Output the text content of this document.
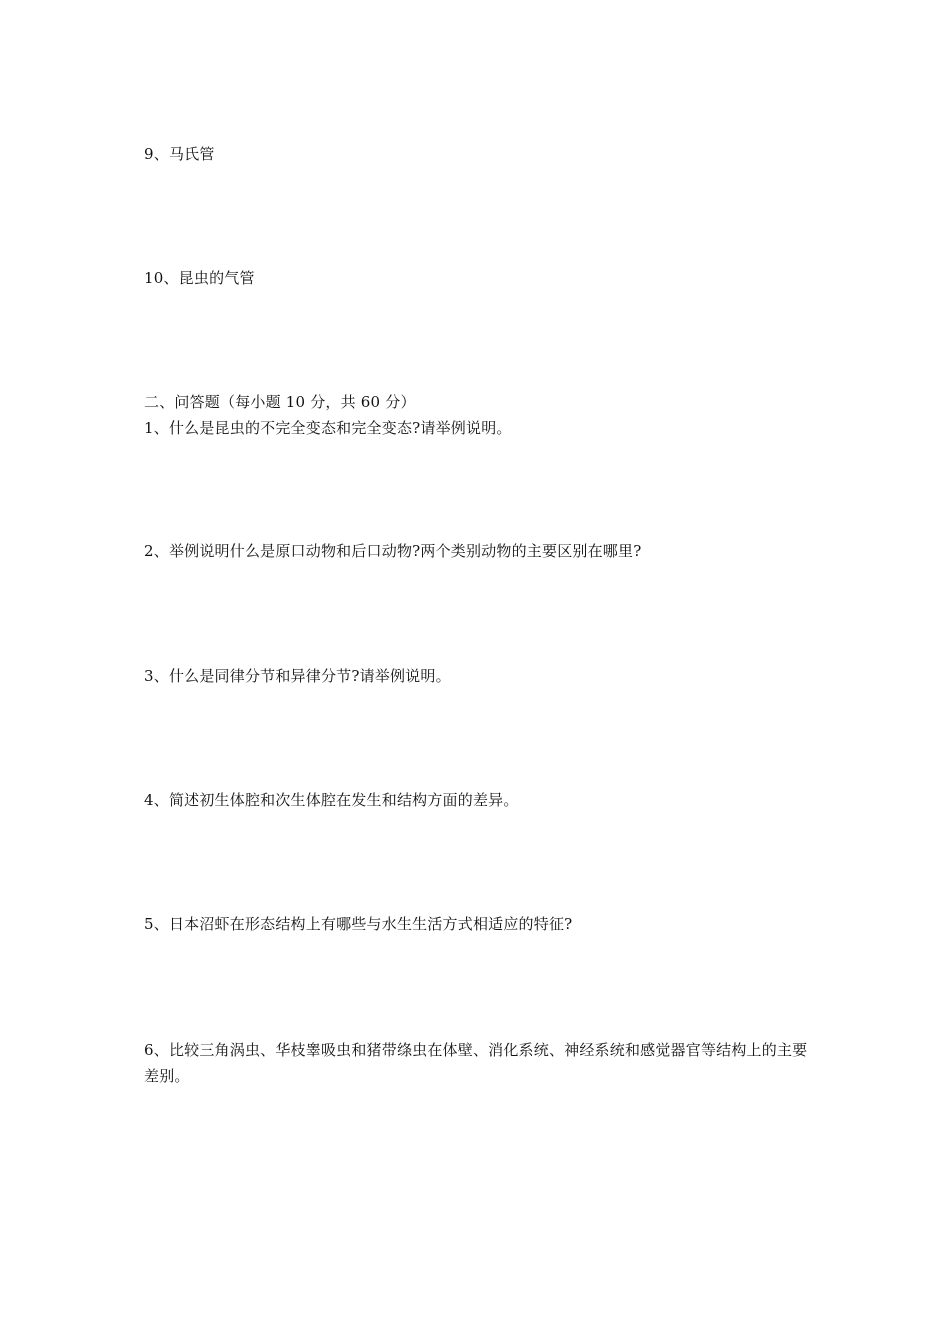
9、马氏管
10、昆虫的气管
二、问答题（每小题 10 分，共 60 分）
1、什么是昆虫的不完全变态和完全变态?请举例说明。
2、举例说明什么是原口动物和后口动物?两个类别动物的主要区别在哪里?
3、什么是同律分节和异律分节?请举例说明。
4、简述初生体腔和次生体腔在发生和结构方面的差异。
5、日本沼虾在形态结构上有哪些与水生生活方式相适应的特征?
6、比较三角涡虫、华枝睾吸虫和猪带绦虫在体壁、消化系统、神经系统和感觉器官等结构上的主要差别。
